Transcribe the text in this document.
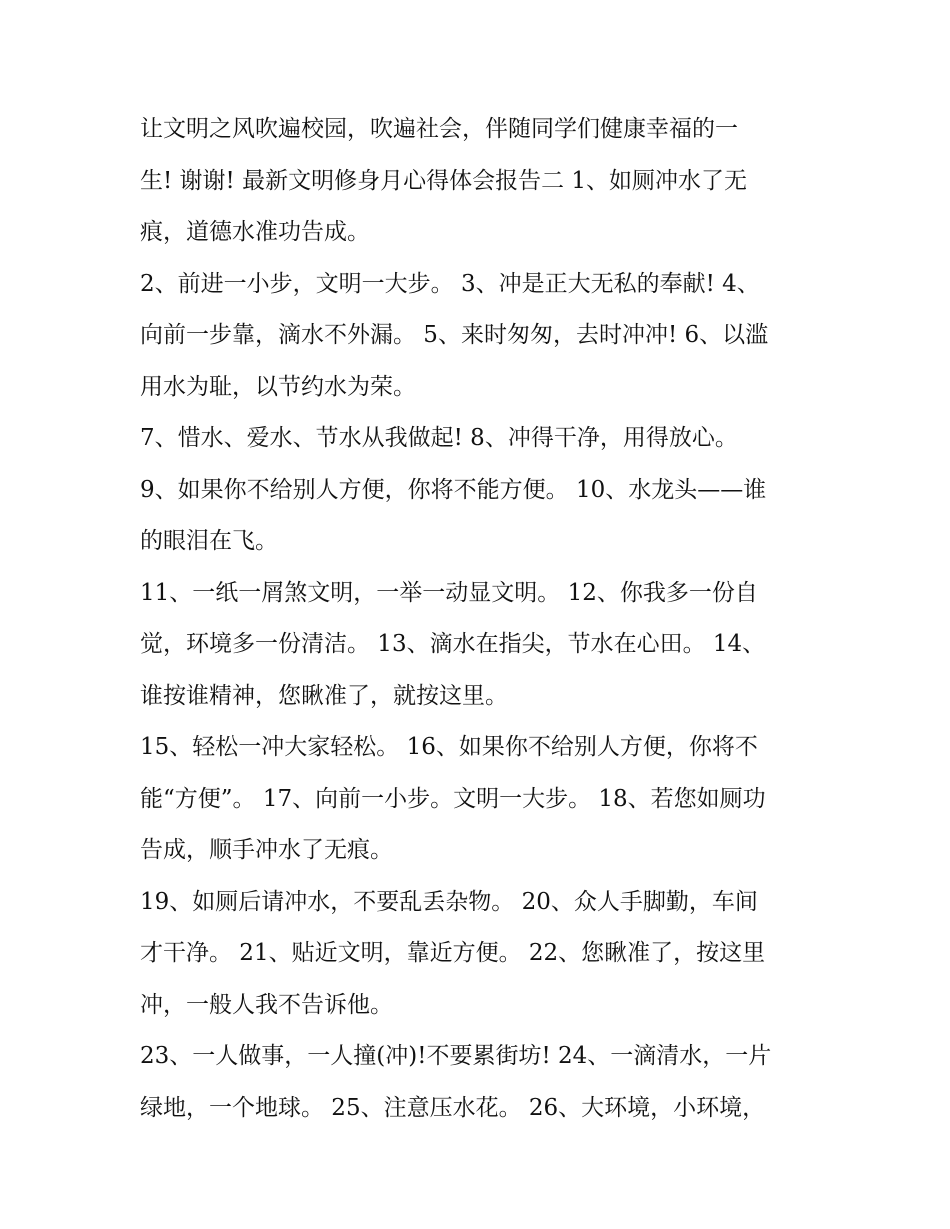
让文明之风吹遍校园，吹遍社会，伴随同学们健康幸福的一
生! 谢谢! 最新文明修身月心得体会报告二 1、如厕冲水了无
痕，道德水准功告成。

2、前进一小步，文明一大步。 3、冲是正大无私的奉献! 4、
向前一步靠，滴水不外漏。 5、来时匆匆，去时冲冲! 6、以滥
用水为耻，以节约水为荣。

7、惜水、爱水、节水从我做起! 8、冲得干净，用得放心。

9、如果你不给别人方便，你将不能方便。 10、水龙头——谁
的眼泪在飞。

11、一纸一屑煞文明，一举一动显文明。 12、你我多一份自
觉，环境多一份清洁。 13、滴水在指尖，节水在心田。 14、
谁按谁精神，您瞅准了，就按这里。

15、轻松一冲大家轻松。 16、如果你不给别人方便，你将不
能“方便”。 17、向前一小步。文明一大步。 18、若您如厕功
告成，顺手冲水了无痕。

19、如厕后请冲水，不要乱丢杂物。 20、众人手脚勤，车间
才干净。 21、贴近文明，靠近方便。 22、您瞅准了，按这里
冲，一般人我不告诉他。

23、一人做事，一人撞(冲)!不要累街坊! 24、一滴清水，一片
绿地，一个地球。 25、注意压水花。 26、大环境，小环境，
